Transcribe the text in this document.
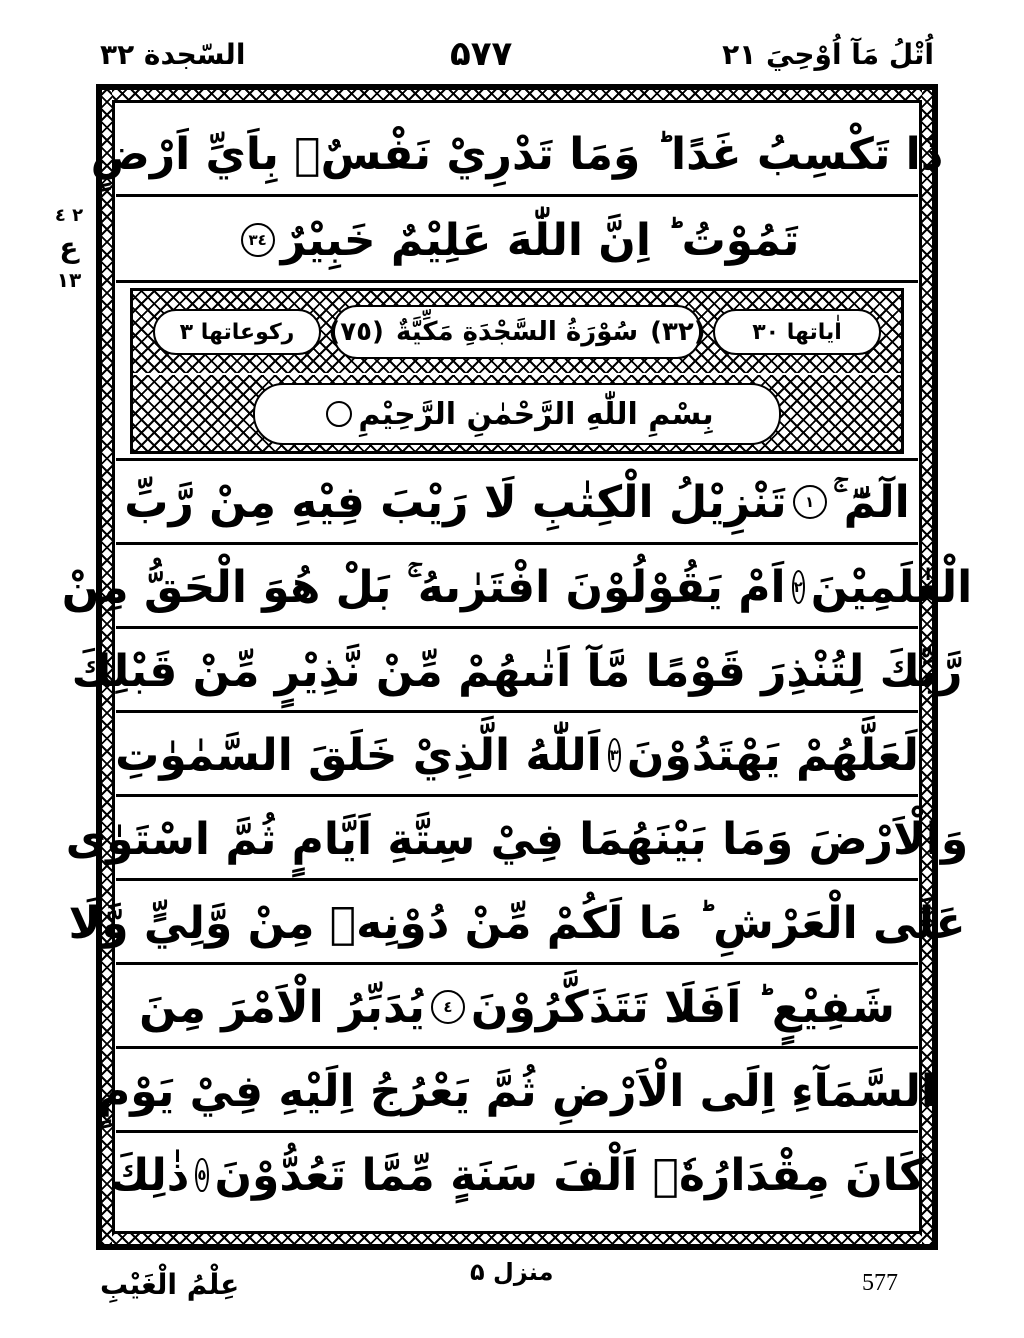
السّجدة ٣٢	۵۷۷	اُتْلُ مَآ اُوْحِيَ ٢١
٢ ٤
ع
١٣
ذَا تَكْسِبُ غَدًا ؕ وَمَا تَدْرِيْ نَفْسٌۢ بِاَيِّ اَرْضٍ
تَمُوْتُ ؕ اِنَّ اللّٰهَ عَلِيْمٌ خَبِيْرٌ
٣٤
اٰیاتها ٣٠
رکوعاتها ٣	(٣٢)
سُوْرَةُ السَّجْدَةِ مَكِّيَّةٌ
(٧٥)
بِسْمِ اللّٰهِ الرَّحْمٰنِ الرَّحِيْمِ
الٓمّٓ ۚ
١
تَنْزِيْلُ الْكِتٰبِ لَا رَيْبَ فِيْهِ مِنْ رَّبِّ
الْعٰلَمِيْنَ
٢
اَمْ يَقُوْلُوْنَ افْتَرٰىهُ ۚ بَلْ هُوَ الْحَقُّ مِنْ
رَّبِّكَ لِتُنْذِرَ قَوْمًا مَّآ اَتٰىهُمْ مِّنْ نَّذِيْرٍ مِّنْ قَبْلِكَ
لَعَلَّهُمْ يَهْتَدُوْنَ
٣
اَللّٰهُ الَّذِيْ خَلَقَ السَّمٰوٰتِ
وَالْاَرْضَ وَمَا بَيْنَهُمَا فِيْ سِتَّةِ اَيَّامٍ ثُمَّ اسْتَوٰى
عَلَى الْعَرْشِ ؕ مَا لَكُمْ مِّنْ دُوْنِهٖ مِنْ وَّلِيٍّ وَّلَا
شَفِيْعٍ ؕ اَفَلَا تَتَذَكَّرُوْنَ
٤
يُدَبِّرُ الْاَمْرَ مِنَ
السَّمَآءِ اِلَى الْاَرْضِ ثُمَّ يَعْرُجُ اِلَيْهِ فِيْ يَوْمٍ
كَانَ مِقْدَارُهٗۤ اَلْفَ سَنَةٍ مِّمَّا تَعُدُّوْنَ
٥
ذٰلِكَ
عِلْمُ الْغَيْبِ	منزل ۵	577
